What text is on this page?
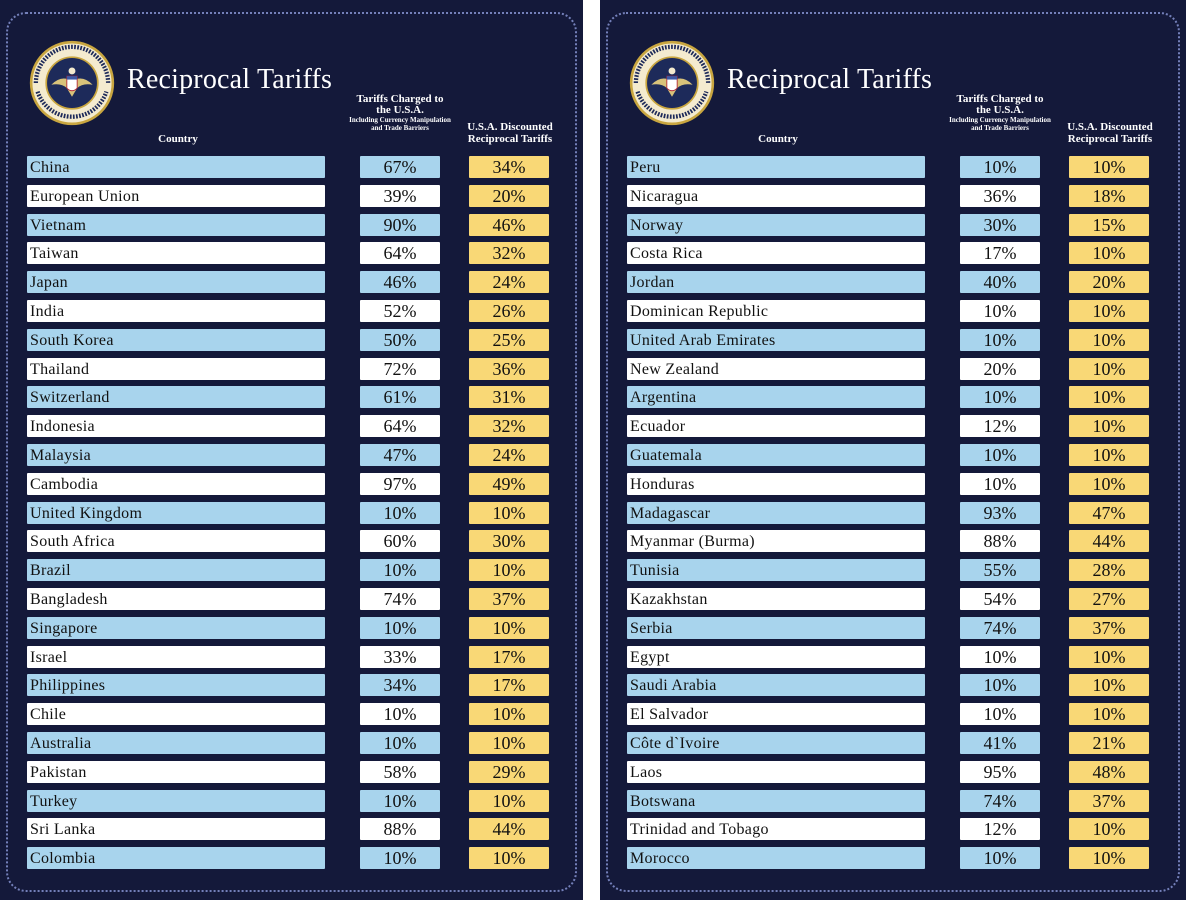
Reciprocal Tariffs
Country
Tariffs Charged to the U.S.A.
Including Currency Manipulation and Trade Barriers	U.S.A. Discounted Reciprocal Tariffs
China	67%	34%
European Union	39%	20%
Vietnam	90%	46%
Taiwan	64%	32%
Japan	46%	24%
India	52%	26%
South Korea	50%	25%
Thailand	72%	36%
Switzerland	61%	31%
Indonesia	64%	32%
Malaysia	47%	24%
Cambodia	97%	49%
United Kingdom	10%	10%
South Africa	60%	30%
Brazil	10%	10%
Bangladesh	74%	37%
Singapore	10%	10%
Israel	33%	17%
Philippines	34%	17%
Chile	10%	10%
Australia	10%	10%
Pakistan	58%	29%
Turkey	10%	10%
Sri Lanka	88%	44%
Colombia	10%	10%
Reciprocal Tariffs
Country
Tariffs Charged to the U.S.A.
Including Currency Manipulation and Trade Barriers	U.S.A. Discounted Reciprocal Tariffs
Peru	10%	10%
Nicaragua	36%	18%
Norway	30%	15%
Costa Rica	17%	10%
Jordan	40%	20%
Dominican Republic	10%	10%
United Arab Emirates	10%	10%
New Zealand	20%	10%
Argentina	10%	10%
Ecuador	12%	10%
Guatemala	10%	10%
Honduras	10%	10%
Madagascar	93%	47%
Myanmar (Burma)	88%	44%
Tunisia	55%	28%
Kazakhstan	54%	27%
Serbia	74%	37%
Egypt	10%	10%
Saudi Arabia	10%	10%
El Salvador	10%	10%
Côte d`Ivoire	41%	21%
Laos	95%	48%
Botswana	74%	37%
Trinidad and Tobago	12%	10%
Morocco	10%	10%
